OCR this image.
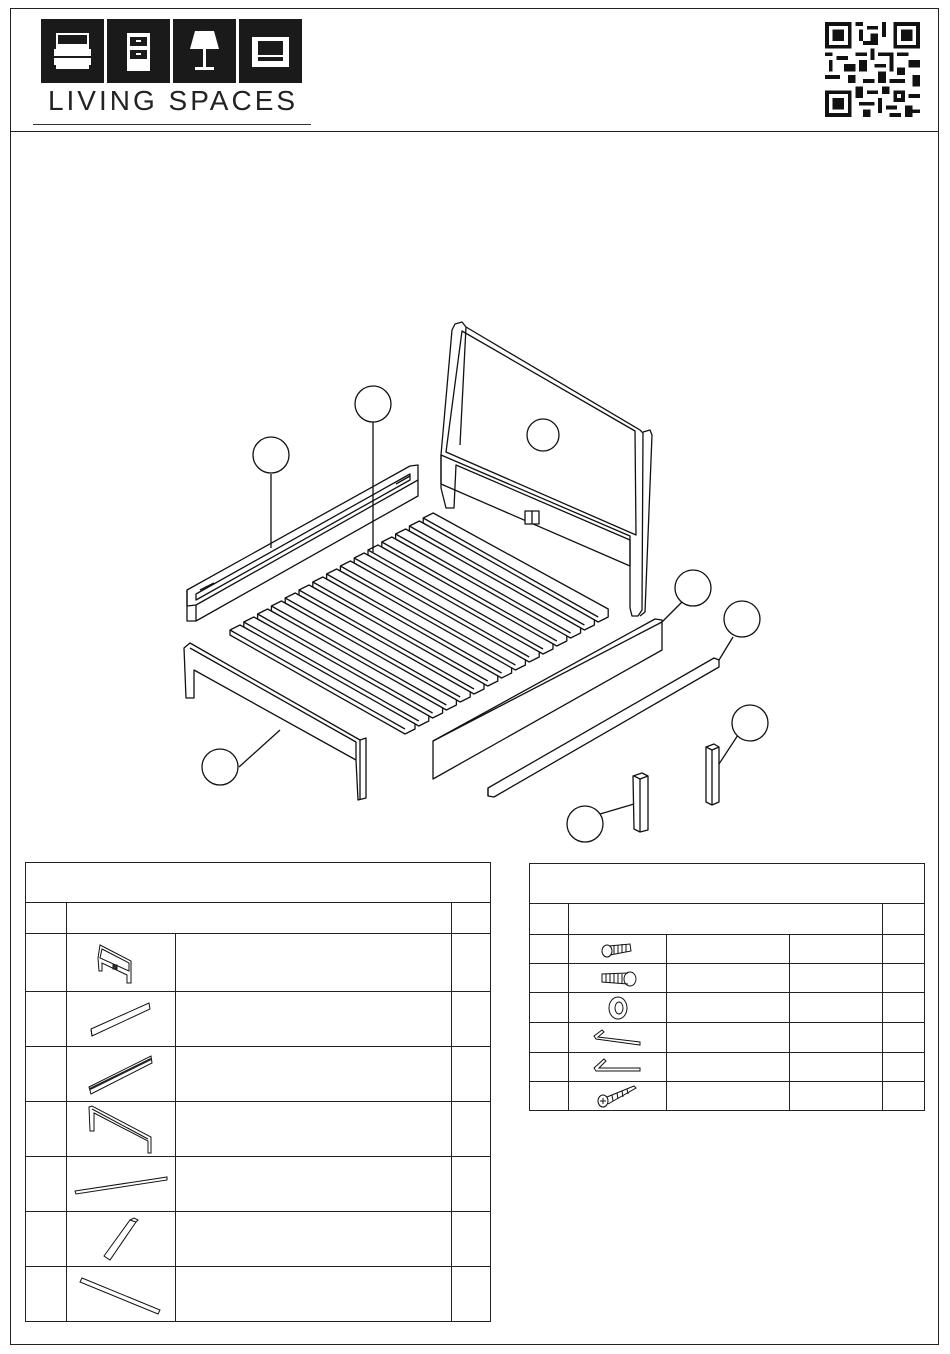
LIVING SPACES
